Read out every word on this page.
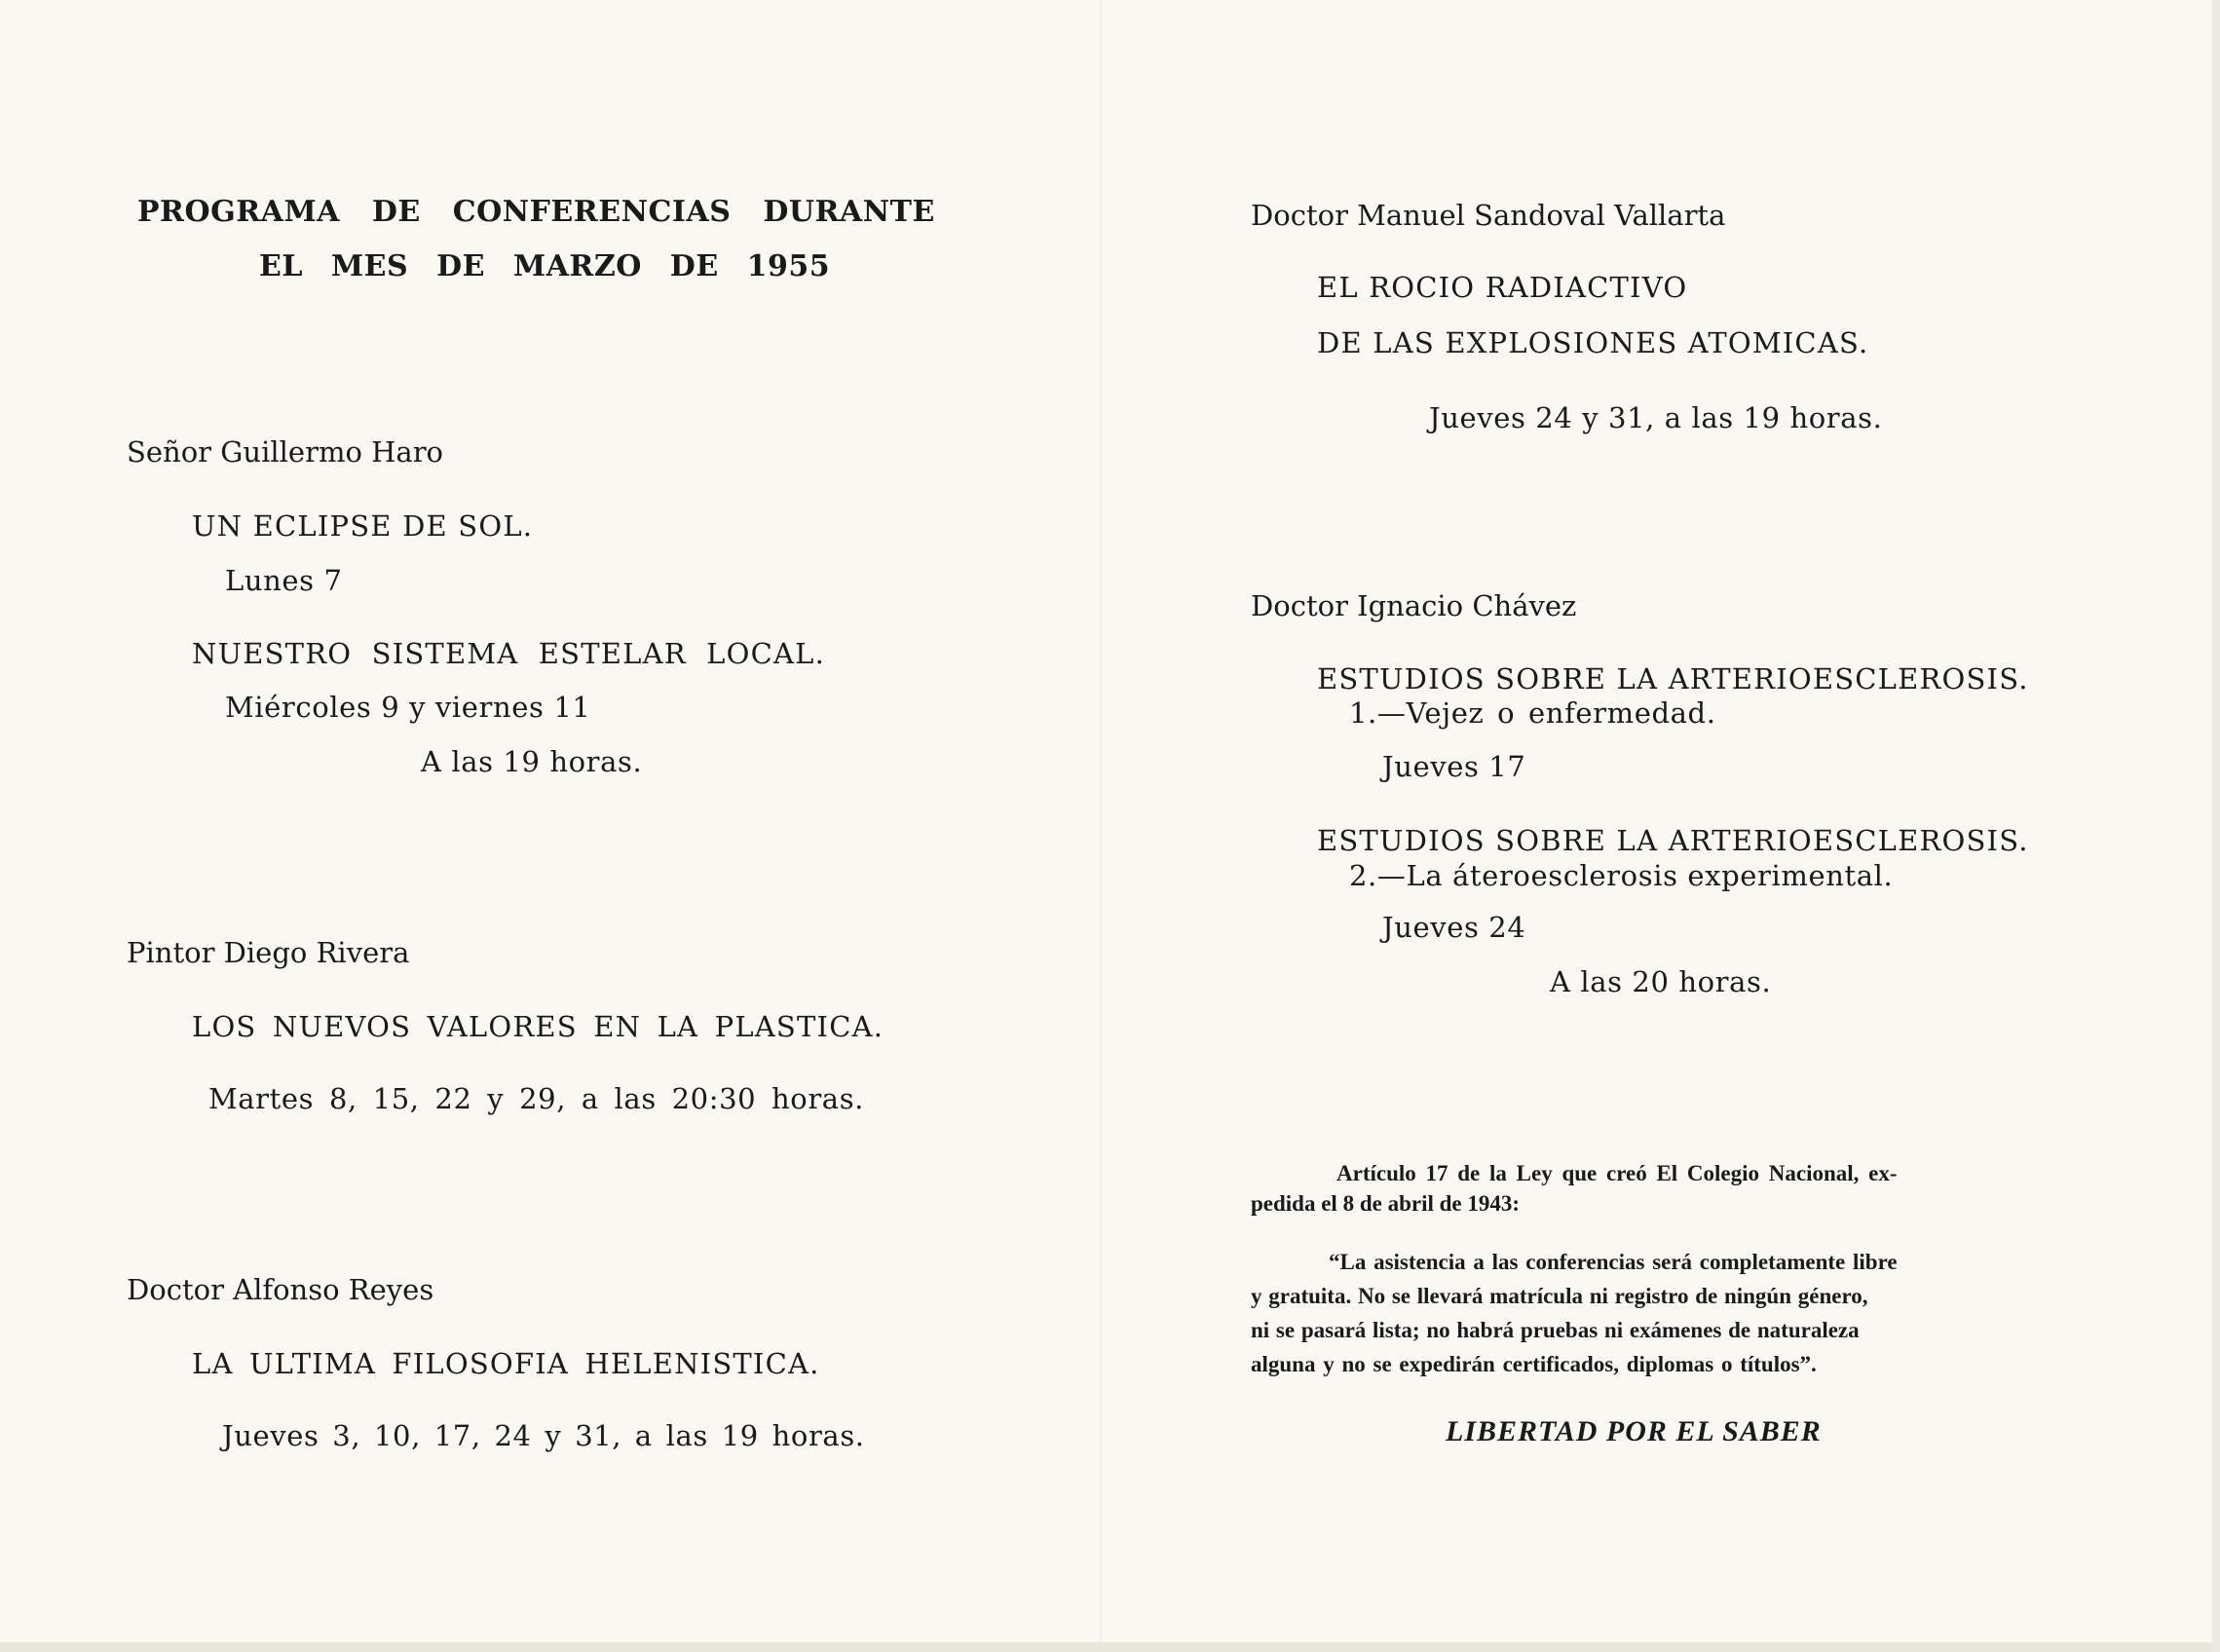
PROGRAMA DE CONFERENCIAS DURANTE
EL MES DE MARZO DE 1955
Señor Guillermo Haro
UN ECLIPSE DE SOL.
Lunes 7
NUESTRO SISTEMA ESTELAR LOCAL.
Miércoles 9 y viernes 11
A las 19 horas.
Pintor Diego Rivera
LOS NUEVOS VALORES EN LA PLASTICA.
Martes 8, 15, 22 y 29, a las 20:30 horas.
Doctor Alfonso Reyes
LA ULTIMA FILOSOFIA HELENISTICA.
Jueves 3, 10, 17, 24 y 31, a las 19 horas.
Doctor Manuel Sandoval Vallarta
EL ROCIO RADIACTIVO
DE LAS EXPLOSIONES ATOMICAS.
Jueves 24 y 31, a las 19 horas.
Doctor Ignacio Chávez
ESTUDIOS SOBRE LA ARTERIOESCLEROSIS.
1.—Vejez o enfermedad.
Jueves 17
ESTUDIOS SOBRE LA ARTERIOESCLEROSIS.
2.—La áteroesclerosis experimental.
Jueves 24
A las 20 horas.
Artículo 17 de la Ley que creó El Colegio Nacional, ex-
pedida el 8 de abril de 1943:
“La asistencia a las conferencias será completamente libre
y gratuita. No se llevará matrícula ni registro de ningún género,
ni se pasará lista; no habrá pruebas ni exámenes de naturaleza
alguna y no se expedirán certificados, diplomas o títulos”.
LIBERTAD POR EL SABER
